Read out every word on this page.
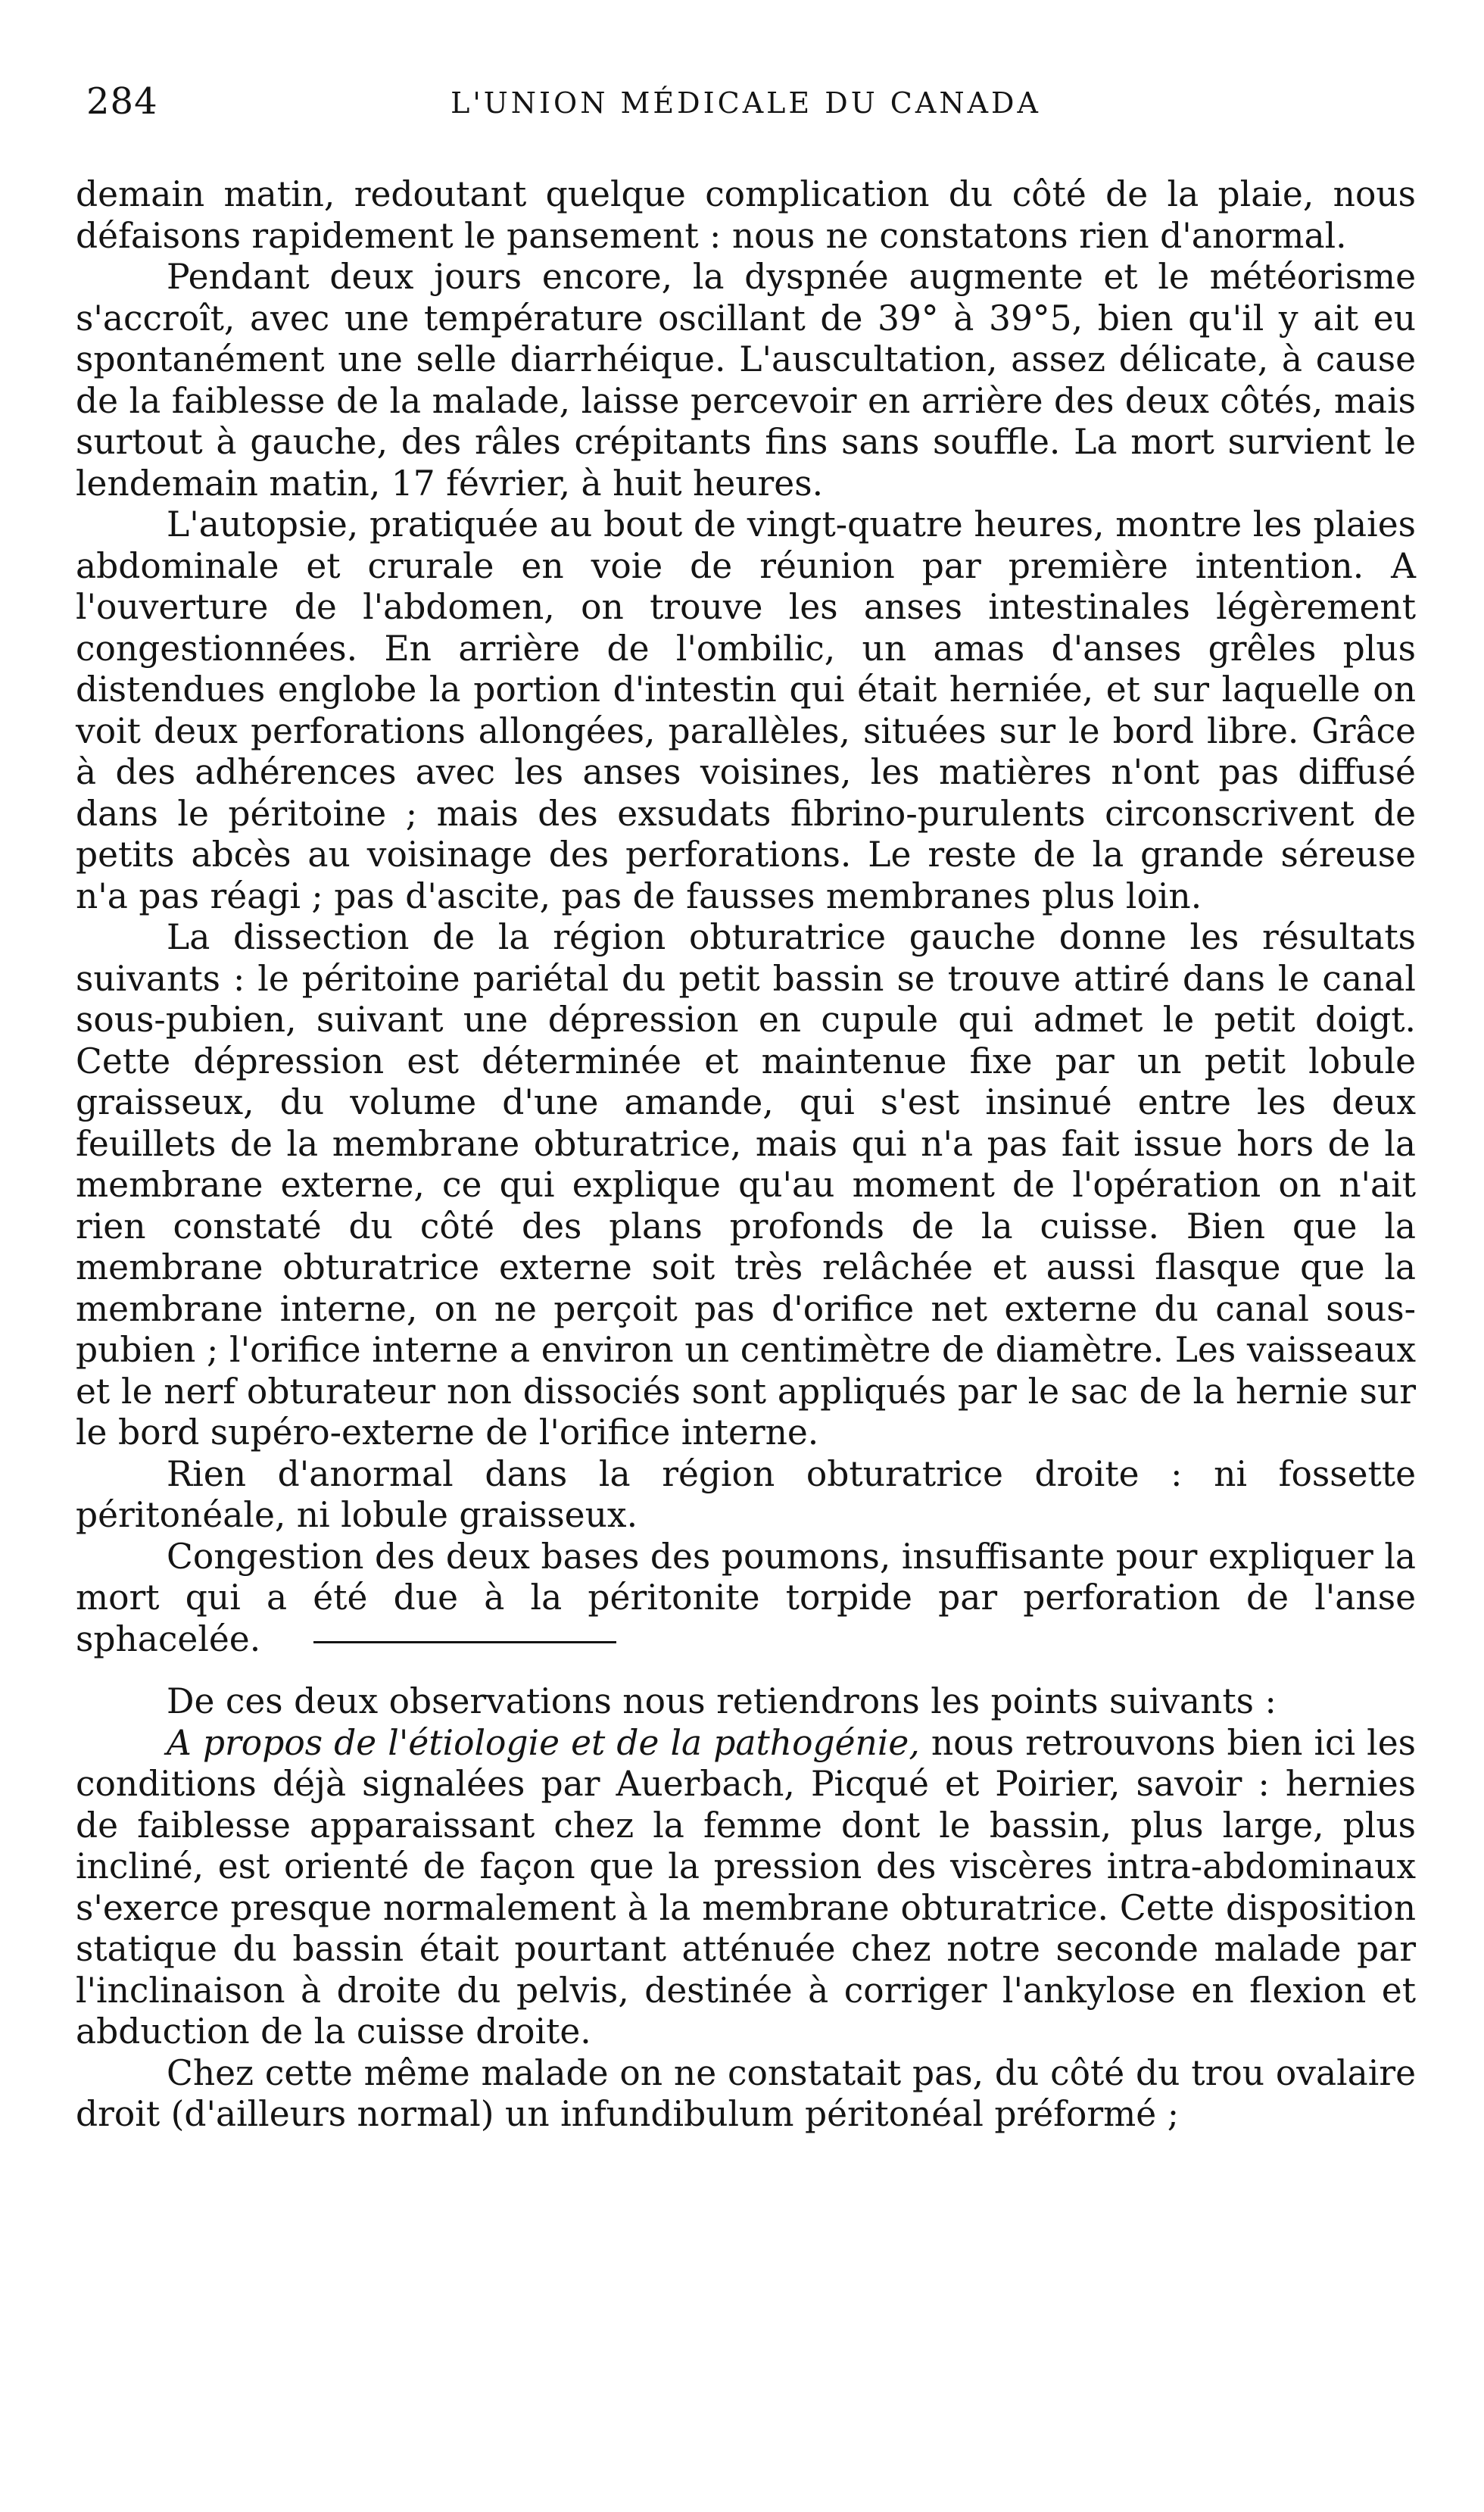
284	L'UNION MÉDICALE DU CANADA

demain matin, redoutant quelque complication du côté de la plaie, nous défaisons rapidement le pansement : nous ne constatons rien d'anormal.

Pendant deux jours encore, la dyspnée augmente et le météorisme s'accroît, avec une température oscillant de 39° à 39°5, bien qu'il y ait eu spontanément une selle diarrhéique. L'auscultation, assez délicate, à cause de la faiblesse de la malade, laisse percevoir en arrière des deux côtés, mais surtout à gauche, des râles crépitants fins sans souffle. La mort survient le lendemain matin, 17 février, à huit heures.

L'autopsie, pratiquée au bout de vingt-quatre heures, montre les plaies abdominale et crurale en voie de réunion par première intention. A l'ouverture de l'abdomen, on trouve les anses intestinales légèrement congestionnées. En arrière de l'ombilic, un amas d'anses grêles plus distendues englobe la portion d'intestin qui était herniée, et sur laquelle on voit deux perforations allongées, parallèles, situées sur le bord libre. Grâce à des adhérences avec les anses voisines, les matières n'ont pas diffusé dans le péritoine ; mais des exsudats fibrino-purulents circonscrivent de petits abcès au voisinage des perforations. Le reste de la grande séreuse n'a pas réagi ; pas d'ascite, pas de fausses membranes plus loin.

La dissection de la région obturatrice gauche donne les résultats suivants : le péritoine pariétal du petit bassin se trouve attiré dans le canal sous-pubien, suivant une dépression en cupule qui admet le petit doigt. Cette dépression est déterminée et maintenue fixe par un petit lobule graisseux, du volume d'une amande, qui s'est insinué entre les deux feuillets de la membrane obturatrice, mais qui n'a pas fait issue hors de la membrane externe, ce qui explique qu'au moment de l'opération on n'ait rien constaté du côté des plans profonds de la cuisse. Bien que la membrane obturatrice externe soit très relâchée et aussi flasque que la membrane interne, on ne perçoit pas d'orifice net externe du canal sous-pubien ; l'orifice interne a environ un centimètre de diamètre. Les vaisseaux et le nerf obturateur non dissociés sont appliqués par le sac de la hernie sur le bord supéro-externe de l'orifice interne.

Rien d'anormal dans la région obturatrice droite : ni fossette péritonéale, ni lobule graisseux.

Congestion des deux bases des poumons, insuffisante pour expliquer la mort qui a été due à la péritonite torpide par perforation de l'anse sphacelée.

De ces deux observations nous retiendrons les points suivants :

A propos de l'étiologie et de la pathogénie, nous retrouvons bien ici les conditions déjà signalées par Auerbach, Picqué et Poirier, savoir : hernies de faiblesse apparaissant chez la femme dont le bassin, plus large, plus incliné, est orienté de façon que la pression des viscères intra-abdominaux s'exerce presque normalement à la membrane obturatrice. Cette disposition statique du bassin était pourtant atténuée chez notre seconde malade par l'inclinaison à droite du pelvis, destinée à corriger l'ankylose en flexion et abduction de la cuisse droite.

Chez cette même malade on ne constatait pas, du côté du trou ovalaire droit (d'ailleurs normal) un infundibulum péritonéal préformé ;
